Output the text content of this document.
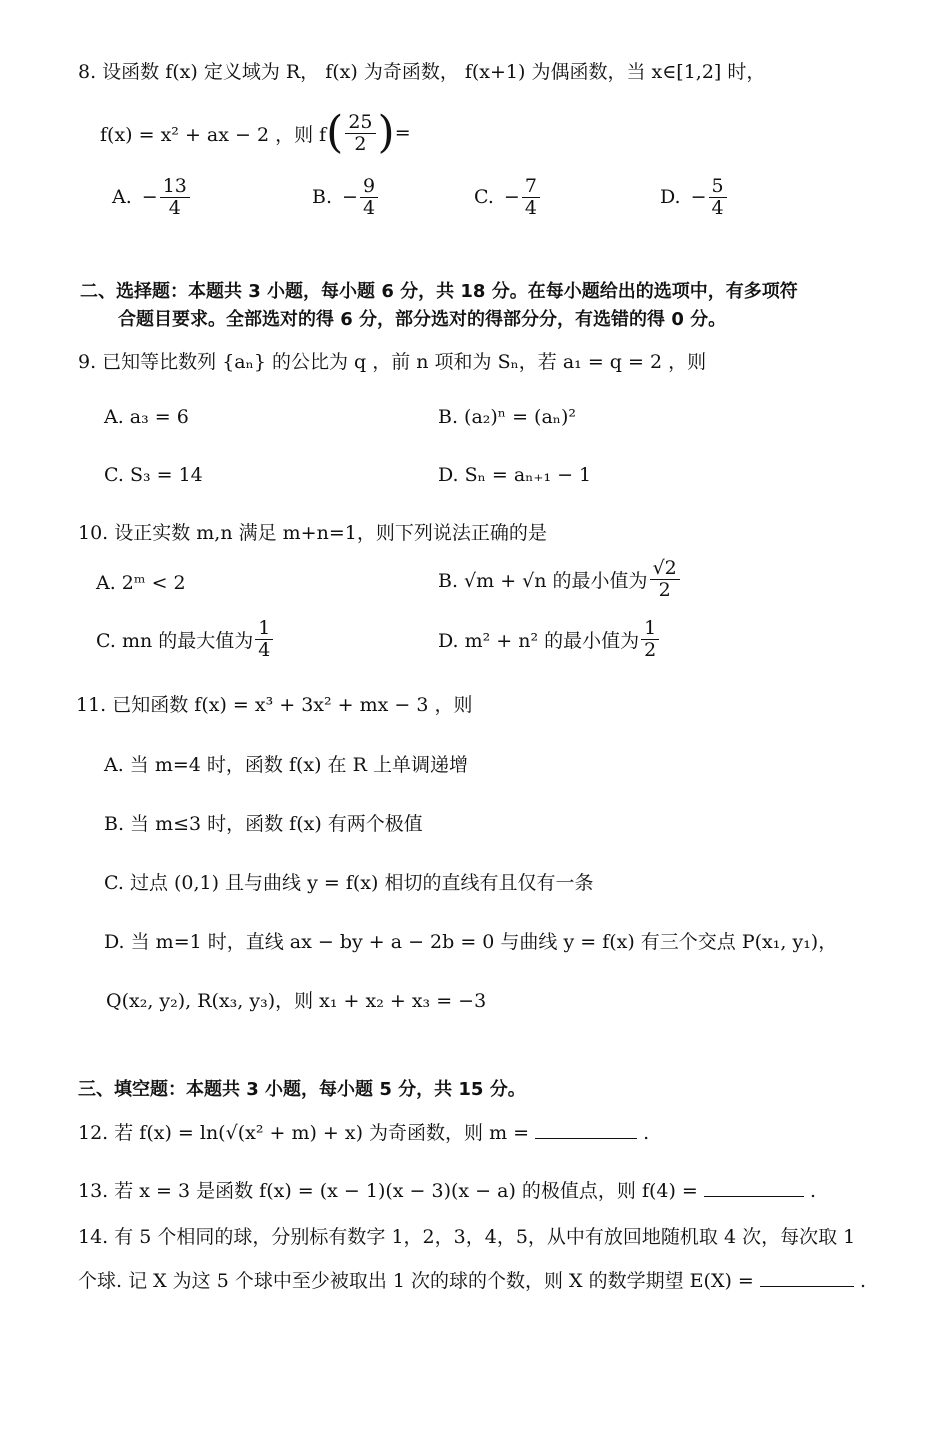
8. 设函数 f(x) 定义域为 R， f(x) 为奇函数， f(x+1) 为偶函数，当 x∈[1,2] 时，
f(x) = x² + ax − 2 ，则 f ( $\frac{25}{2}$ ) =
A. − $\frac{13}{4}$	B. − $\frac{9}{4}$	C. − $\frac{7}{4}$	D. − $\frac{5}{4}$
二、选择题：本题共 3 小题，每小题 6 分，共 18 分。在每小题给出的选项中，有多项符
合题目要求。全部选对的得 6 分，部分选对的得部分分，有选错的得 0 分。
9. 已知等比数列 {aₙ} 的公比为 q ，前 n 项和为 Sₙ，若 a₁ = q = 2 ，则
A. a₃ = 6	B. (a₂)ⁿ = (aₙ)²
C. S₃ = 14	D. Sₙ = aₙ₊₁ − 1
10. 设正实数 m,n 满足 m+n=1，则下列说法正确的是
A. 2ᵐ < 2	B. √m + √n 的最小值为 $\frac{√2}{2}$
C. mn 的最大值为 $\frac{1}{4}$	D. m² + n² 的最小值为 $\frac{1}{2}$
11. 已知函数 f(x) = x³ + 3x² + mx − 3 ，则
A. 当 m=4 时，函数 f(x) 在 R 上单调递增
B. 当 m≤3 时，函数 f(x) 有两个极值
C. 过点 (0,1) 且与曲线 y = f(x) 相切的直线有且仅有一条
D. 当 m=1 时，直线 ax − by + a − 2b = 0 与曲线 y = f(x) 有三个交点 P(x₁, y₁)，
Q(x₂, y₂), R(x₃, y₃)，则 x₁ + x₂ + x₃ = −3
三、填空题：本题共 3 小题，每小题 5 分，共 15 分。
12. 若 f(x) = ln(√(x² + m) + x) 为奇函数，则 m =	.
13. 若 x = 3 是函数 f(x) = (x − 1)(x − 3)(x − a) 的极值点，则 f(4) =	.
14. 有 5 个相同的球，分别标有数字 1，2，3，4，5，从中有放回地随机取 4 次，每次取 1
个球. 记 X 为这 5 个球中至少被取出 1 次的球的个数，则 X 的数学期望 E(X) =	.
